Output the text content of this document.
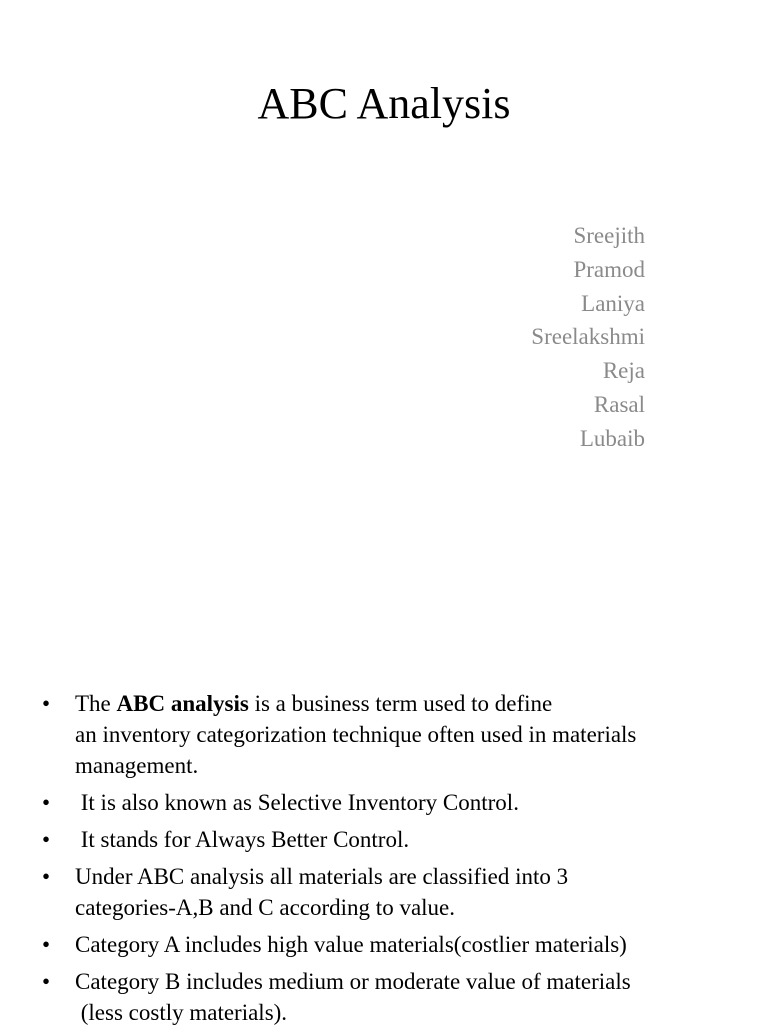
ABC Analysis
Sreejith
Pramod
Laniya
Sreelakshmi
Reja
Rasal
Lubaib
• The ABC analysis is a business term used to define
an inventory categorization technique often used in materials
management.
• It is also known as Selective Inventory Control.
• It stands for Always Better Control.
• Under ABC analysis all materials are classified into 3
categories-A,B and C according to value.
• Category A includes high value materials(costlier materials)
• Category B includes medium or moderate value of materials
(less costly materials).
